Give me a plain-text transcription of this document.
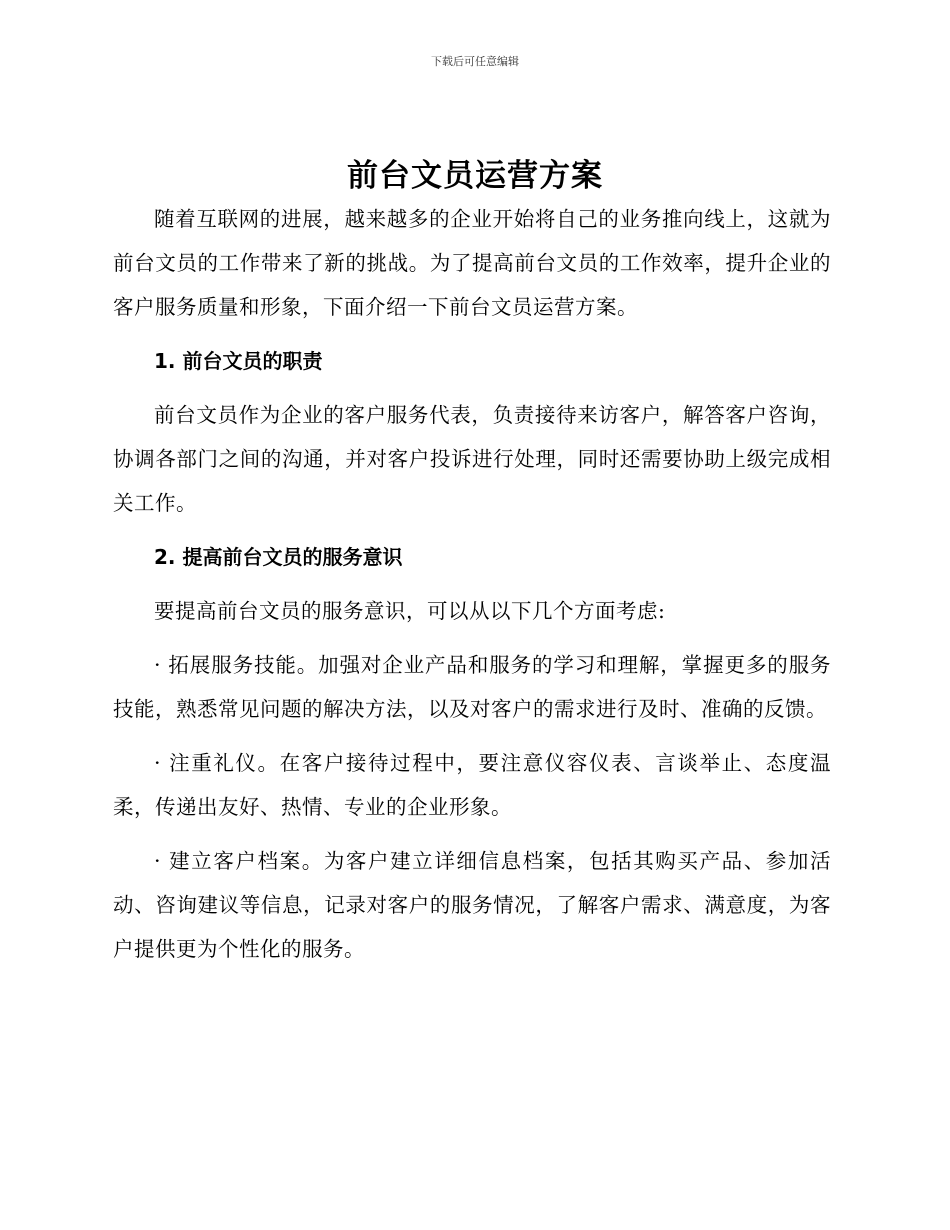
下载后可任意编辑
前台文员运营方案

随着互联网的进展，越来越多的企业开始将自己的业务推向线上，这就为前台文员的工作带来了新的挑战。为了提高前台文员的工作效率，提升企业的客户服务质量和形象，下面介绍一下前台文员运营方案。

1. 前台文员的职责

前台文员作为企业的客户服务代表，负责接待来访客户，解答客户咨询，协调各部门之间的沟通，并对客户投诉进行处理，同时还需要协助上级完成相关工作。

2. 提高前台文员的服务意识

要提高前台文员的服务意识，可以从以下几个方面考虑:

· 拓展服务技能。加强对企业产品和服务的学习和理解，掌握更多的服务技能，熟悉常见问题的解决方法，以及对客户的需求进行及时、准确的反馈。

· 注重礼仪。在客户接待过程中，要注意仪容仪表、言谈举止、态度温柔，传递出友好、热情、专业的企业形象。

· 建立客户档案。为客户建立详细信息档案，包括其购买产品、参加活动、咨询建议等信息，记录对客户的服务情况，了解客户需求、满意度，为客户提供更为个性化的服务。
